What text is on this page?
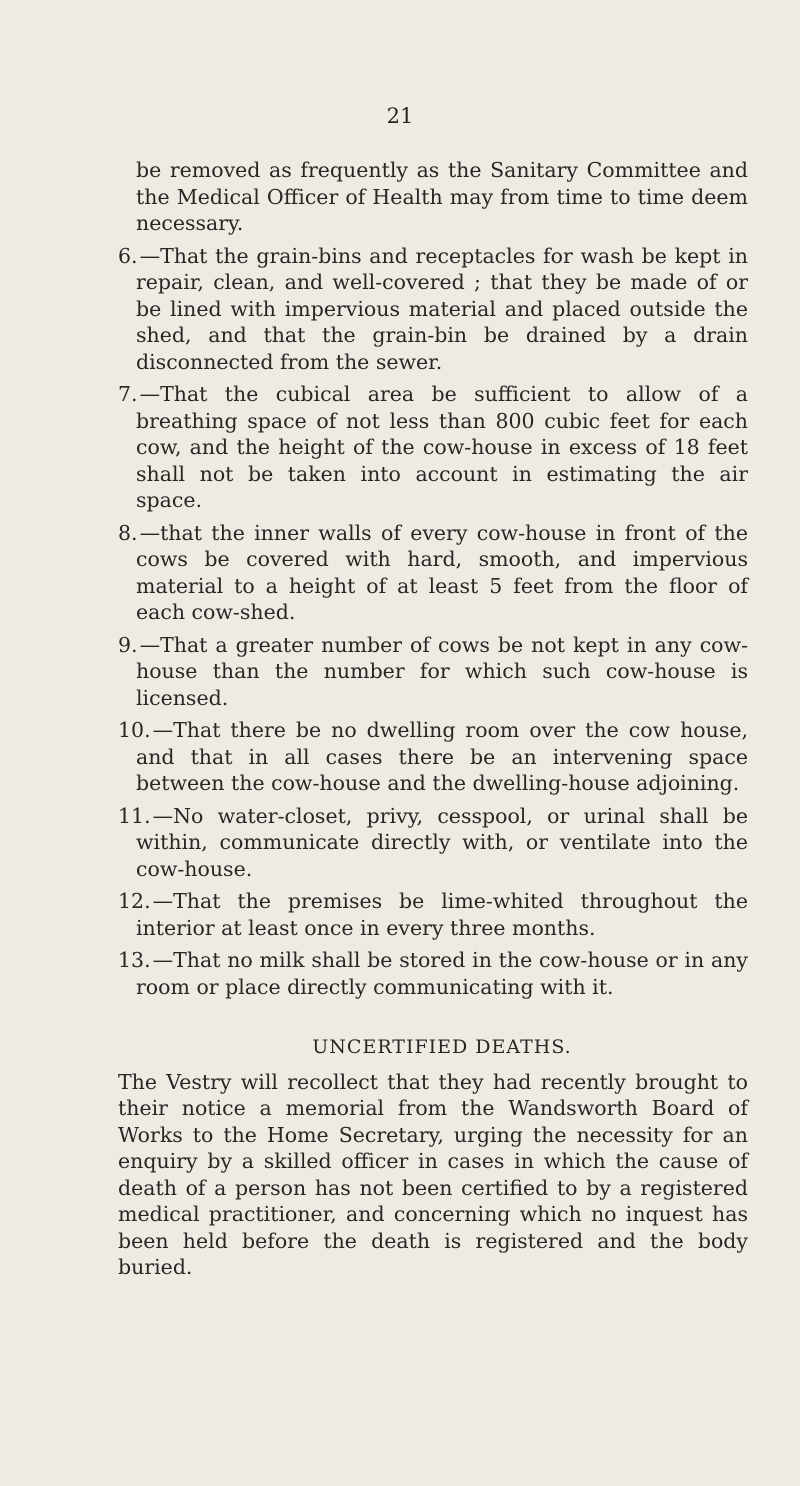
21

be removed as frequently as the Sanitary Committee and the Medical Officer of Health may from time to time deem necessary.

6.—That the grain-bins and receptacles for wash be kept in repair, clean, and well-covered ; that they be made of or be lined with impervious material and placed outside the shed, and that the grain-bin be drained by a drain disconnected from the sewer.

7.—That the cubical area be sufficient to allow of a breathing space of not less than 800 cubic feet for each cow, and the height of the cow-house in excess of 18 feet shall not be taken into account in estimating the air space.

8.—that the inner walls of every cow-house in front of the cows be covered with hard, smooth, and impervious material to a height of at least 5 feet from the floor of each cow-shed.

9.—That a greater number of cows be not kept in any cow-house than the number for which such cow-house is licensed.

10.—That there be no dwelling room over the cow house, and that in all cases there be an intervening space between the cow-house and the dwelling-house adjoining.

11.—No water-closet, privy, cesspool, or urinal shall be within, communicate directly with, or ventilate into the cow-house.

12.—That the premises be lime-whited throughout the interior at least once in every three months.

13.—That no milk shall be stored in the cow-house or in any room or place directly communicating with it.

UNCERTIFIED DEATHS.

The Vestry will recollect that they had recently brought to their notice a memorial from the Wandsworth Board of Works to the Home Secretary, urging the necessity for an enquiry by a skilled officer in cases in which the cause of death of a person has not been certified to by a registered medical practitioner, and concerning which no inquest has been held before the death is registered and the body buried.
